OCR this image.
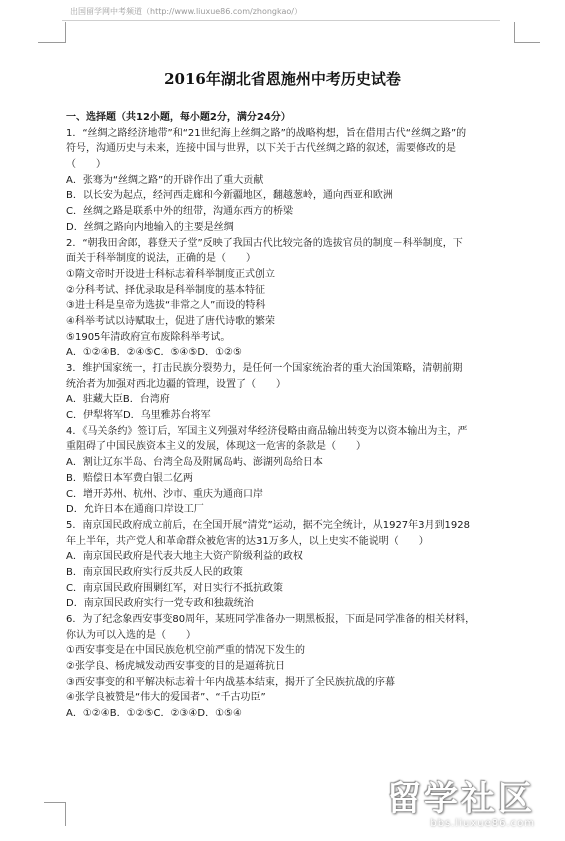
出国留学网中考频道（http://www.liuxue86.com/zhongkao/）
2016年湖北省恩施州中考历史试卷
一、选择题（共12小题，每小题2分，满分24分）
1．“丝绸之路经济地带”和“21世纪海上丝绸之路”的战略构想，旨在借用古代“丝绸之路”的
符号，沟通历史与未来，连接中国与世界，以下关于古代丝绸之路的叙述，需要修改的是
（　　）
A．张骞为“丝绸之路”的开辟作出了重大贡献
B．以长安为起点，经河西走廊和今新疆地区，翻越葱岭，通向西亚和欧洲
C．丝绸之路是联系中外的纽带，沟通东西方的桥梁
D．丝绸之路向内地输入的主要是丝绸
2．“朝我田舍郎，暮登天子堂”反映了我国古代比较完备的选拔官员的制度－科举制度，下
面关于科举制度的说法，正确的是（　　）
①隋文帝时开设进士科标志着科举制度正式创立
②分科考试、择优录取是科举制度的基本特征
③进士科是皇帝为选拔“非常之人”而设的特科
④科举考试以诗赋取士，促进了唐代诗歌的繁荣
⑤1905年清政府宣布废除科举考试。
A．①②④B．②④⑤C．⑤④⑤D．①②⑤
3．维护国家统一，打击民族分裂势力，是任何一个国家统治者的重大治国策略，清朝前期
统治者为加强对西北边疆的管理，设置了（　　）
A．驻藏大臣B．台湾府
C．伊犁将军D．乌里雅苏台将军
4．《马关条约》签订后，军国主义列强对华经济侵略由商品输出转变为以资本输出为主，严
重阻碍了中国民族资本主义的发展，体现这一危害的条款是（　　）
A．割让辽东半岛、台湾全岛及附属岛屿、澎湖列岛给日本
B．赔偿日本军费白银二亿两
C．增开苏州、杭州、沙市、重庆为通商口岸
D．允许日本在通商口岸设工厂
5．南京国民政府成立前后，在全国开展“清党”运动，据不完全统计，从1927年3月到1928
年上半年，共产党人和革命群众被危害的达31万多人，以上史实不能说明（　　）
A．南京国民政府是代表大地主大资产阶级利益的政权
B．南京国民政府实行反共反人民的政策
C．南京国民政府围剿红军，对日实行不抵抗政策
D．南京国民政府实行一党专政和独裁统治
6．为了纪念象西安事变80周年，某班同学准备办一期黑板报，下面是同学准备的相关材料，
你认为可以入选的是（　　）
①西安事变是在中国民族危机空前严重的情况下发生的
②张学良、杨虎城发动西安事变的目的是逼蒋抗日
③西安事变的和平解决标志着十年内战基本结束，揭开了全民族抗战的序幕
④张学良被赞是“伟大的爱国者”、“千古功臣”
A．①②④B．①②⑤C．②③④D．①⑤④
留学社区
bbs.liuxue86.com
